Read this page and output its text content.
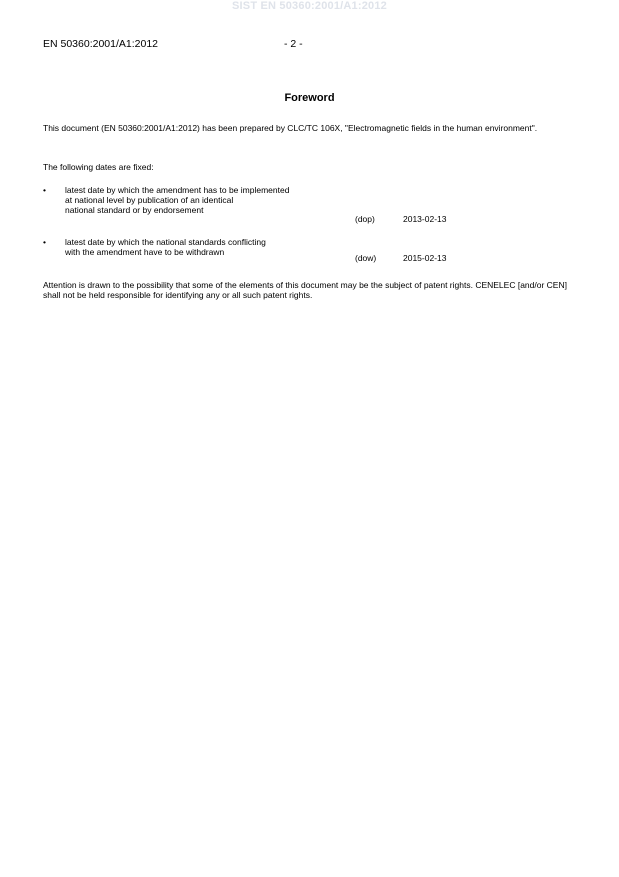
SIST EN 50360:2001/A1:2012
EN 50360:2001/A1:2012	- 2 -
Foreword
This document (EN 50360:2001/A1:2012) has been prepared by CLC/TC 106X, "Electromagnetic fields in the human environment".
The following dates are fixed:
• latest date by which the amendment has to be implemented
at national level by publication of an identical
national standard or by endorsement
(dop)	2013-02-13
• latest date by which the national standards conflicting
with the amendment have to be withdrawn
(dow)	2015-02-13
Attention is drawn to the possibility that some of the elements of this document may be the subject of patent rights. CENELEC [and/or CEN] shall not be held responsible for identifying any or all such patent rights.
